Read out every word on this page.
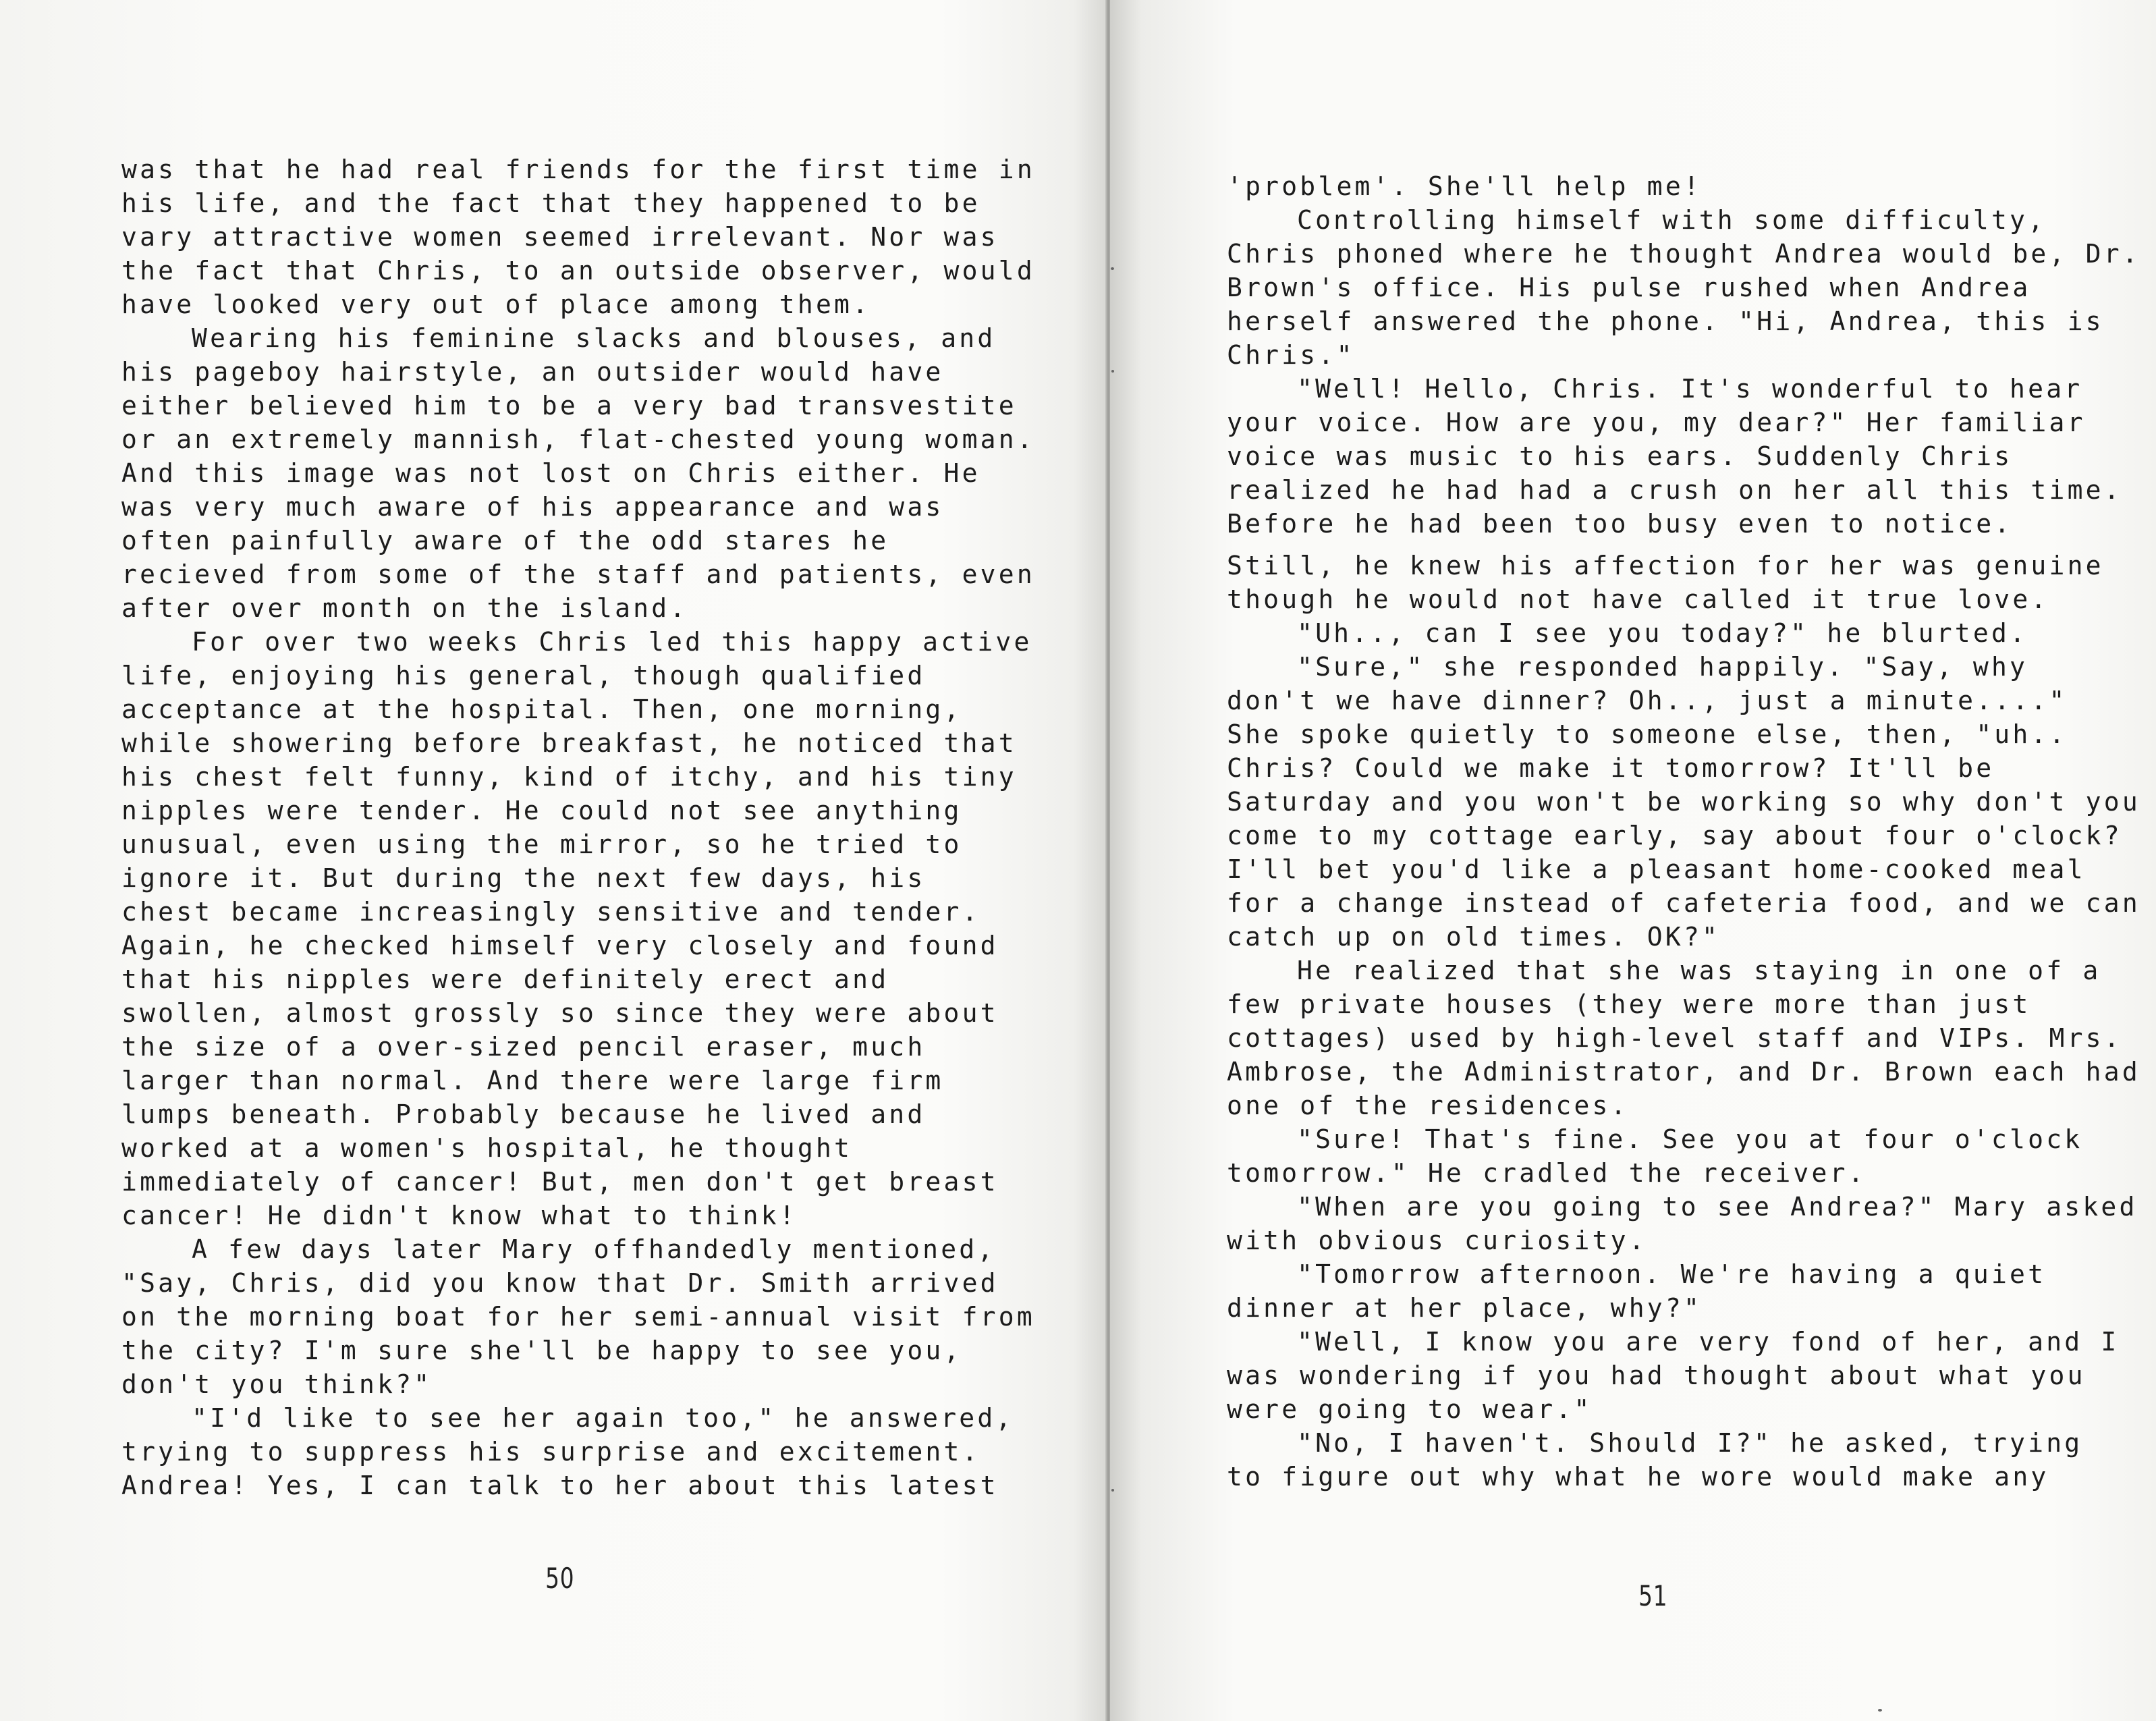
was that he had real friends for the first time in

his life, and the fact that they happened to be

vary attractive women seemed irrelevant. Nor was

the fact that Chris, to an outside observer, would

have looked very out of place among them.

Wearing his feminine slacks and blouses, and

his pageboy hairstyle, an outsider would have

either believed him to be a very bad transvestite

or an extremely mannish, flat-chested young woman.

And this image was not lost on Chris either. He

was very much aware of his appearance and was

often painfully aware of the odd stares he

recieved from some of the staff and patients, even

after over month on the island.

For over two weeks Chris led this happy active

life, enjoying his general, though qualified

acceptance at the hospital. Then, one morning,

while showering before breakfast, he noticed that

his chest felt funny, kind of itchy, and his tiny

nipples were tender. He could not see anything

unusual, even using the mirror, so he tried to

ignore it. But during the next few days, his

chest became increasingly sensitive and tender.

Again, he checked himself very closely and found

that his nipples were definitely erect and

swollen, almost grossly so since they were about

the size of a over-sized pencil eraser, much

larger than normal. And there were large firm

lumps beneath. Probably because he lived and

worked at a women's hospital, he thought

immediately of cancer! But, men don't get breast

cancer! He didn't know what to think!

A few days later Mary offhandedly mentioned,

"Say, Chris, did you know that Dr. Smith arrived

on the morning boat for her semi-annual visit from

the city? I'm sure she'll be happy to see you,

don't you think?"

"I'd like to see her again too," he answered,

trying to suppress his surprise and excitement.

Andrea! Yes, I can talk to her about this latest

50

'problem'. She'll help me!

Controlling himself with some difficulty,

Chris phoned where he thought Andrea would be, Dr.

Brown's office. His pulse rushed when Andrea

herself answered the phone. "Hi, Andrea, this is

Chris."

"Well! Hello, Chris. It's wonderful to hear

your voice. How are you, my dear?" Her familiar

voice was music to his ears. Suddenly Chris

realized he had had a crush on her all this time.

Before he had been too busy even to notice.

Still, he knew his affection for her was genuine

though he would not have called it true love.

"Uh.., can I see you today?" he blurted.

"Sure," she responded happily. "Say, why

don't we have dinner? Oh.., just a minute...."

She spoke quietly to someone else, then, "uh..

Chris? Could we make it tomorrow? It'll be

Saturday and you won't be working so why don't you

come to my cottage early, say about four o'clock?

I'll bet you'd like a pleasant home-cooked meal

for a change instead of cafeteria food, and we can

catch up on old times. OK?"

He realized that she was staying in one of a

few private houses (they were more than just

cottages) used by high-level staff and VIPs. Mrs.

Ambrose, the Administrator, and Dr. Brown each had

one of the residences.

"Sure! That's fine. See you at four o'clock

tomorrow." He cradled the receiver.

"When are you going to see Andrea?" Mary asked

with obvious curiosity.

"Tomorrow afternoon. We're having a quiet

dinner at her place, why?"

"Well, I know you are very fond of her, and I

was wondering if you had thought about what you

were going to wear."

"No, I haven't. Should I?" he asked, trying

to figure out why what he wore would make any

51
